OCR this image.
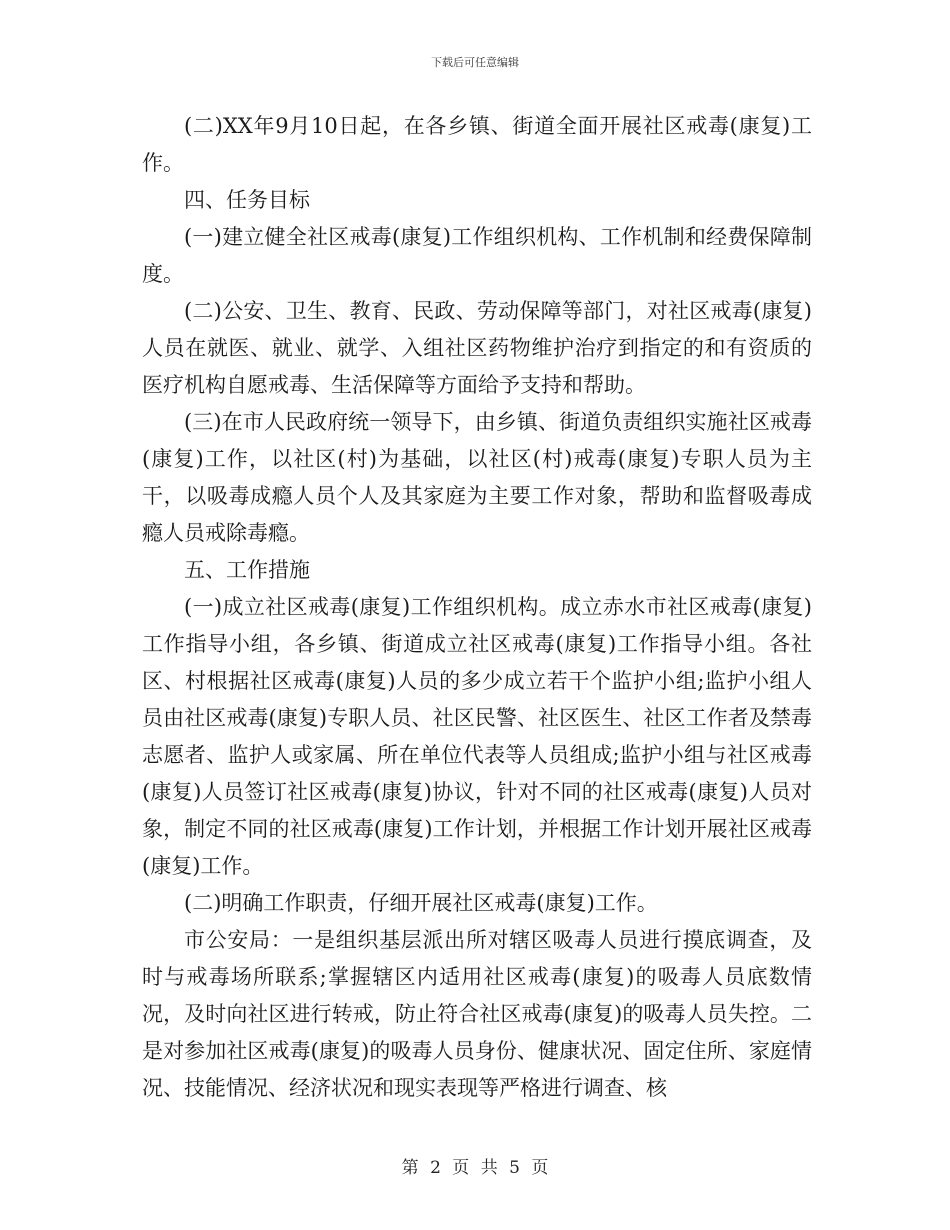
下载后可任意编辑

(二)XX年9月10日起，在各乡镇、街道全面开展社区戒毒(康复)工作。

四、任务目标

(一)建立健全社区戒毒(康复)工作组织机构、工作机制和经费保障制度。

(二)公安、卫生、教育、民政、劳动保障等部门，对社区戒毒(康复)人员在就医、就业、就学、入组社区药物维护治疗到指定的和有资质的医疗机构自愿戒毒、生活保障等方面给予支持和帮助。

(三)在市人民政府统一领导下，由乡镇、街道负责组织实施社区戒毒(康复)工作，以社区(村)为基础，以社区(村)戒毒(康复)专职人员为主干，以吸毒成瘾人员个人及其家庭为主要工作对象，帮助和监督吸毒成瘾人员戒除毒瘾。

五、工作措施

(一)成立社区戒毒(康复)工作组织机构。成立赤水市社区戒毒(康复)工作指导小组，各乡镇、街道成立社区戒毒(康复)工作指导小组。各社区、村根据社区戒毒(康复)人员的多少成立若干个监护小组;监护小组人员由社区戒毒(康复)专职人员、社区民警、社区医生、社区工作者及禁毒志愿者、监护人或家属、所在单位代表等人员组成;监护小组与社区戒毒(康复)人员签订社区戒毒(康复)协议，针对不同的社区戒毒(康复)人员对象，制定不同的社区戒毒(康复)工作计划，并根据工作计划开展社区戒毒(康复)工作。

(二)明确工作职责，仔细开展社区戒毒(康复)工作。

市公安局：一是组织基层派出所对辖区吸毒人员进行摸底调查，及时与戒毒场所联系;掌握辖区内适用社区戒毒(康复)的吸毒人员底数情况，及时向社区进行转戒，防止符合社区戒毒(康复)的吸毒人员失控。二是对参加社区戒毒(康复)的吸毒人员身份、健康状况、固定住所、家庭情况、技能情况、经济状况和现实表现等严格进行调查、核

第 2 页 共 5 页
